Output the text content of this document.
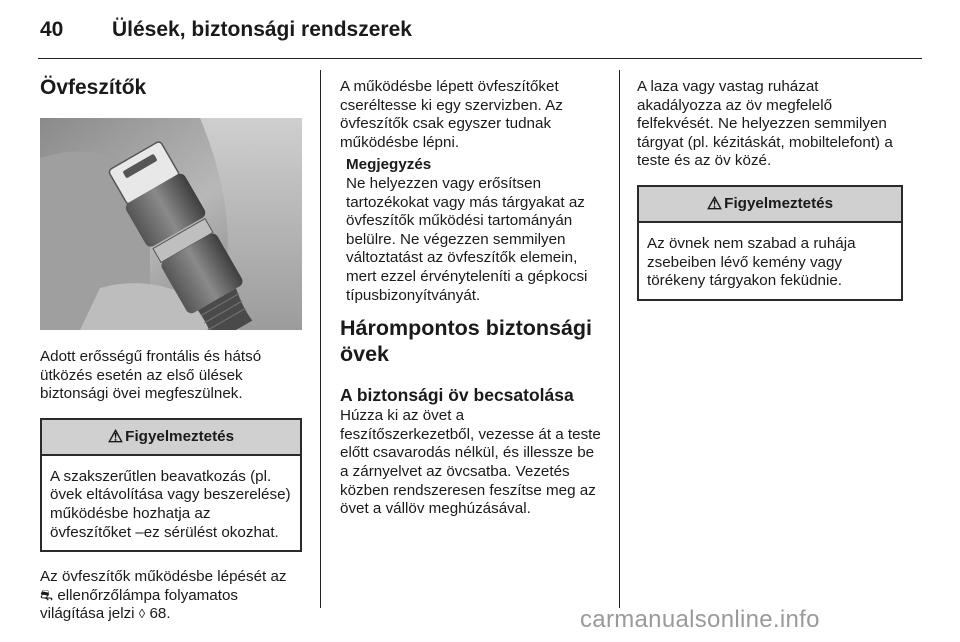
40 Ülések, biztonsági rendszerek
Övfeszítők

Adott erősségű frontális és hátsó ütközés esetén az első ülések biztonsági övei megfeszülnek.

⚠ Figyelmeztetés

A szakszerűtlen beavatkozás (pl. övek eltávolítása vagy beszerelése) működésbe hozhatja az övfeszítőket –ez sérülést okozhat.

Az övfeszítők működésbe lépését az
⛐ ellenőrzőlámpa folyamatos világítása jelzi ◊ 68.

A működésbe lépett övfeszítőket cseréltesse ki egy szervizben. Az övfeszítők csak egyszer tudnak működésbe lépni.

Megjegyzés
Ne helyezzen vagy erősítsen tartozékokat vagy más tárgyakat az övfeszítők működési tartományán belülre. Ne végezzen semmilyen változtatást az övfeszítők elemein, mert ezzel érvényteleníti a gépkocsi típusbizonyítványát.
Hárompontos biztonsági övek
A biztonsági öv becsatolása

Húzza ki az övet a feszítőszerkezetből, vezesse át a teste előtt csavarodás nélkül, és illessze be a zárnyelvet az övcsatba. Vezetés közben rendszeresen feszítse meg az övet a vállöv meghúzásával.

A laza vagy vastag ruházat akadályozza az öv megfelelő felfekvését. Ne helyezzen semmilyen tárgyat (pl. kézitáskát, mobiltelefont) a teste és az öv közé.

⚠ Figyelmeztetés

Az övnek nem szabad a ruhája zsebeiben lévő kemény vagy törékeny tárgyakon feküdnie.

carmanualsonline.info
